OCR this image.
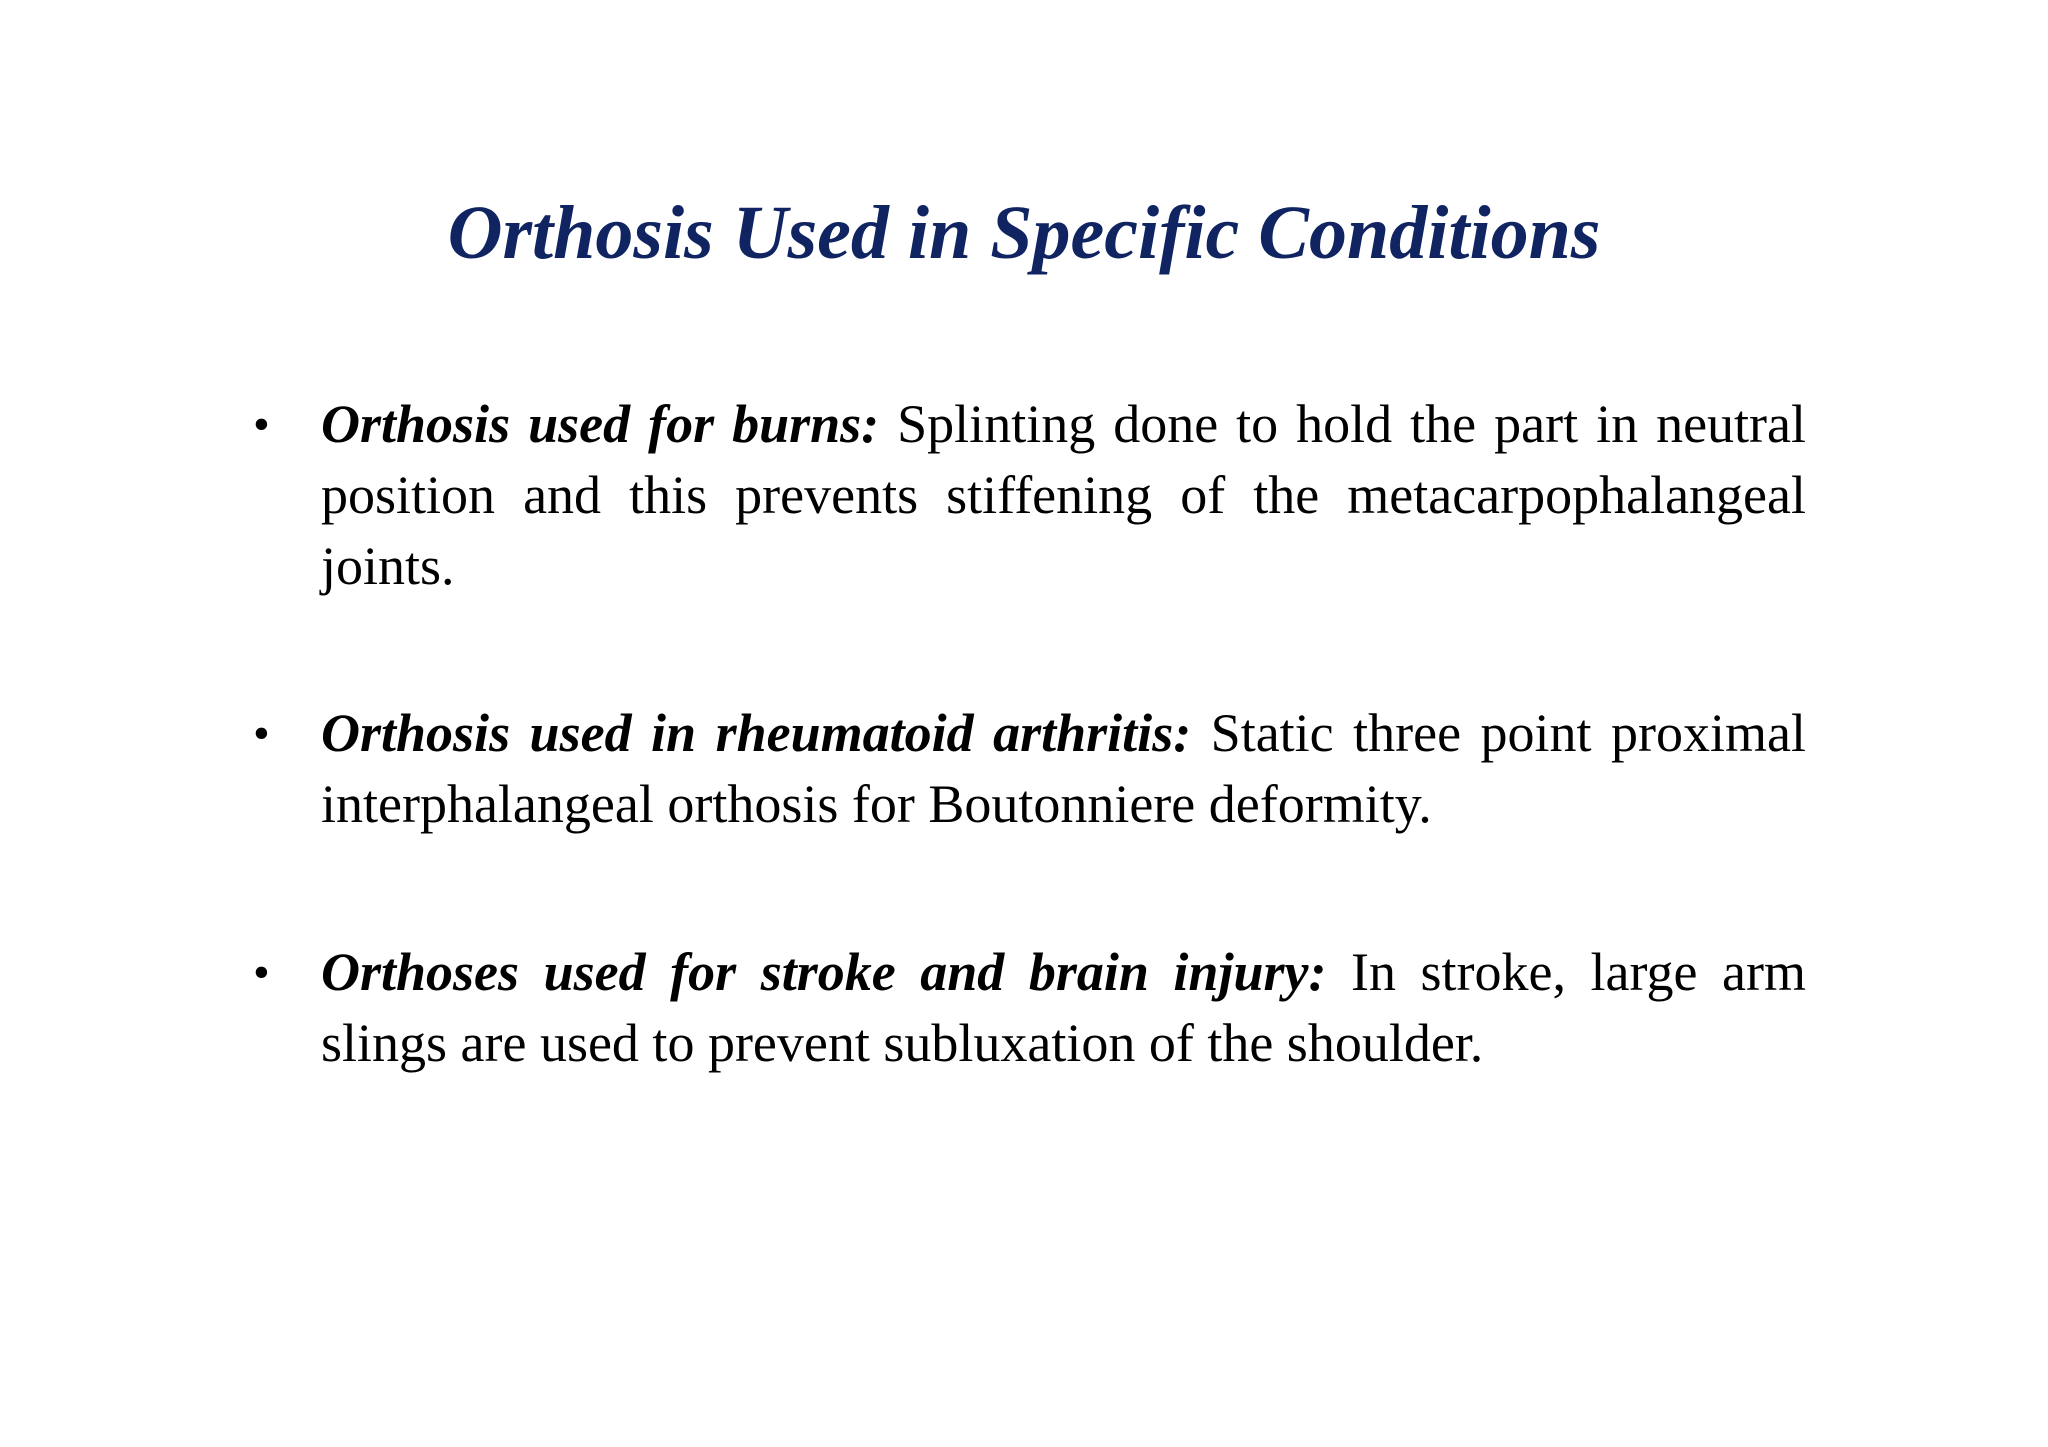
Orthosis Used in Specific Conditions
• Orthosis used for burns: Splinting done to hold the part in neutral position and this prevents stiffening of the metacarpophalangeal joints.
• Orthosis used in rheumatoid arthritis: Static three point proximal interphalangeal orthosis for Boutonniere deformity.
• Orthoses used for stroke and brain injury: In stroke, large arm slings are used to prevent subluxation of the shoulder.
